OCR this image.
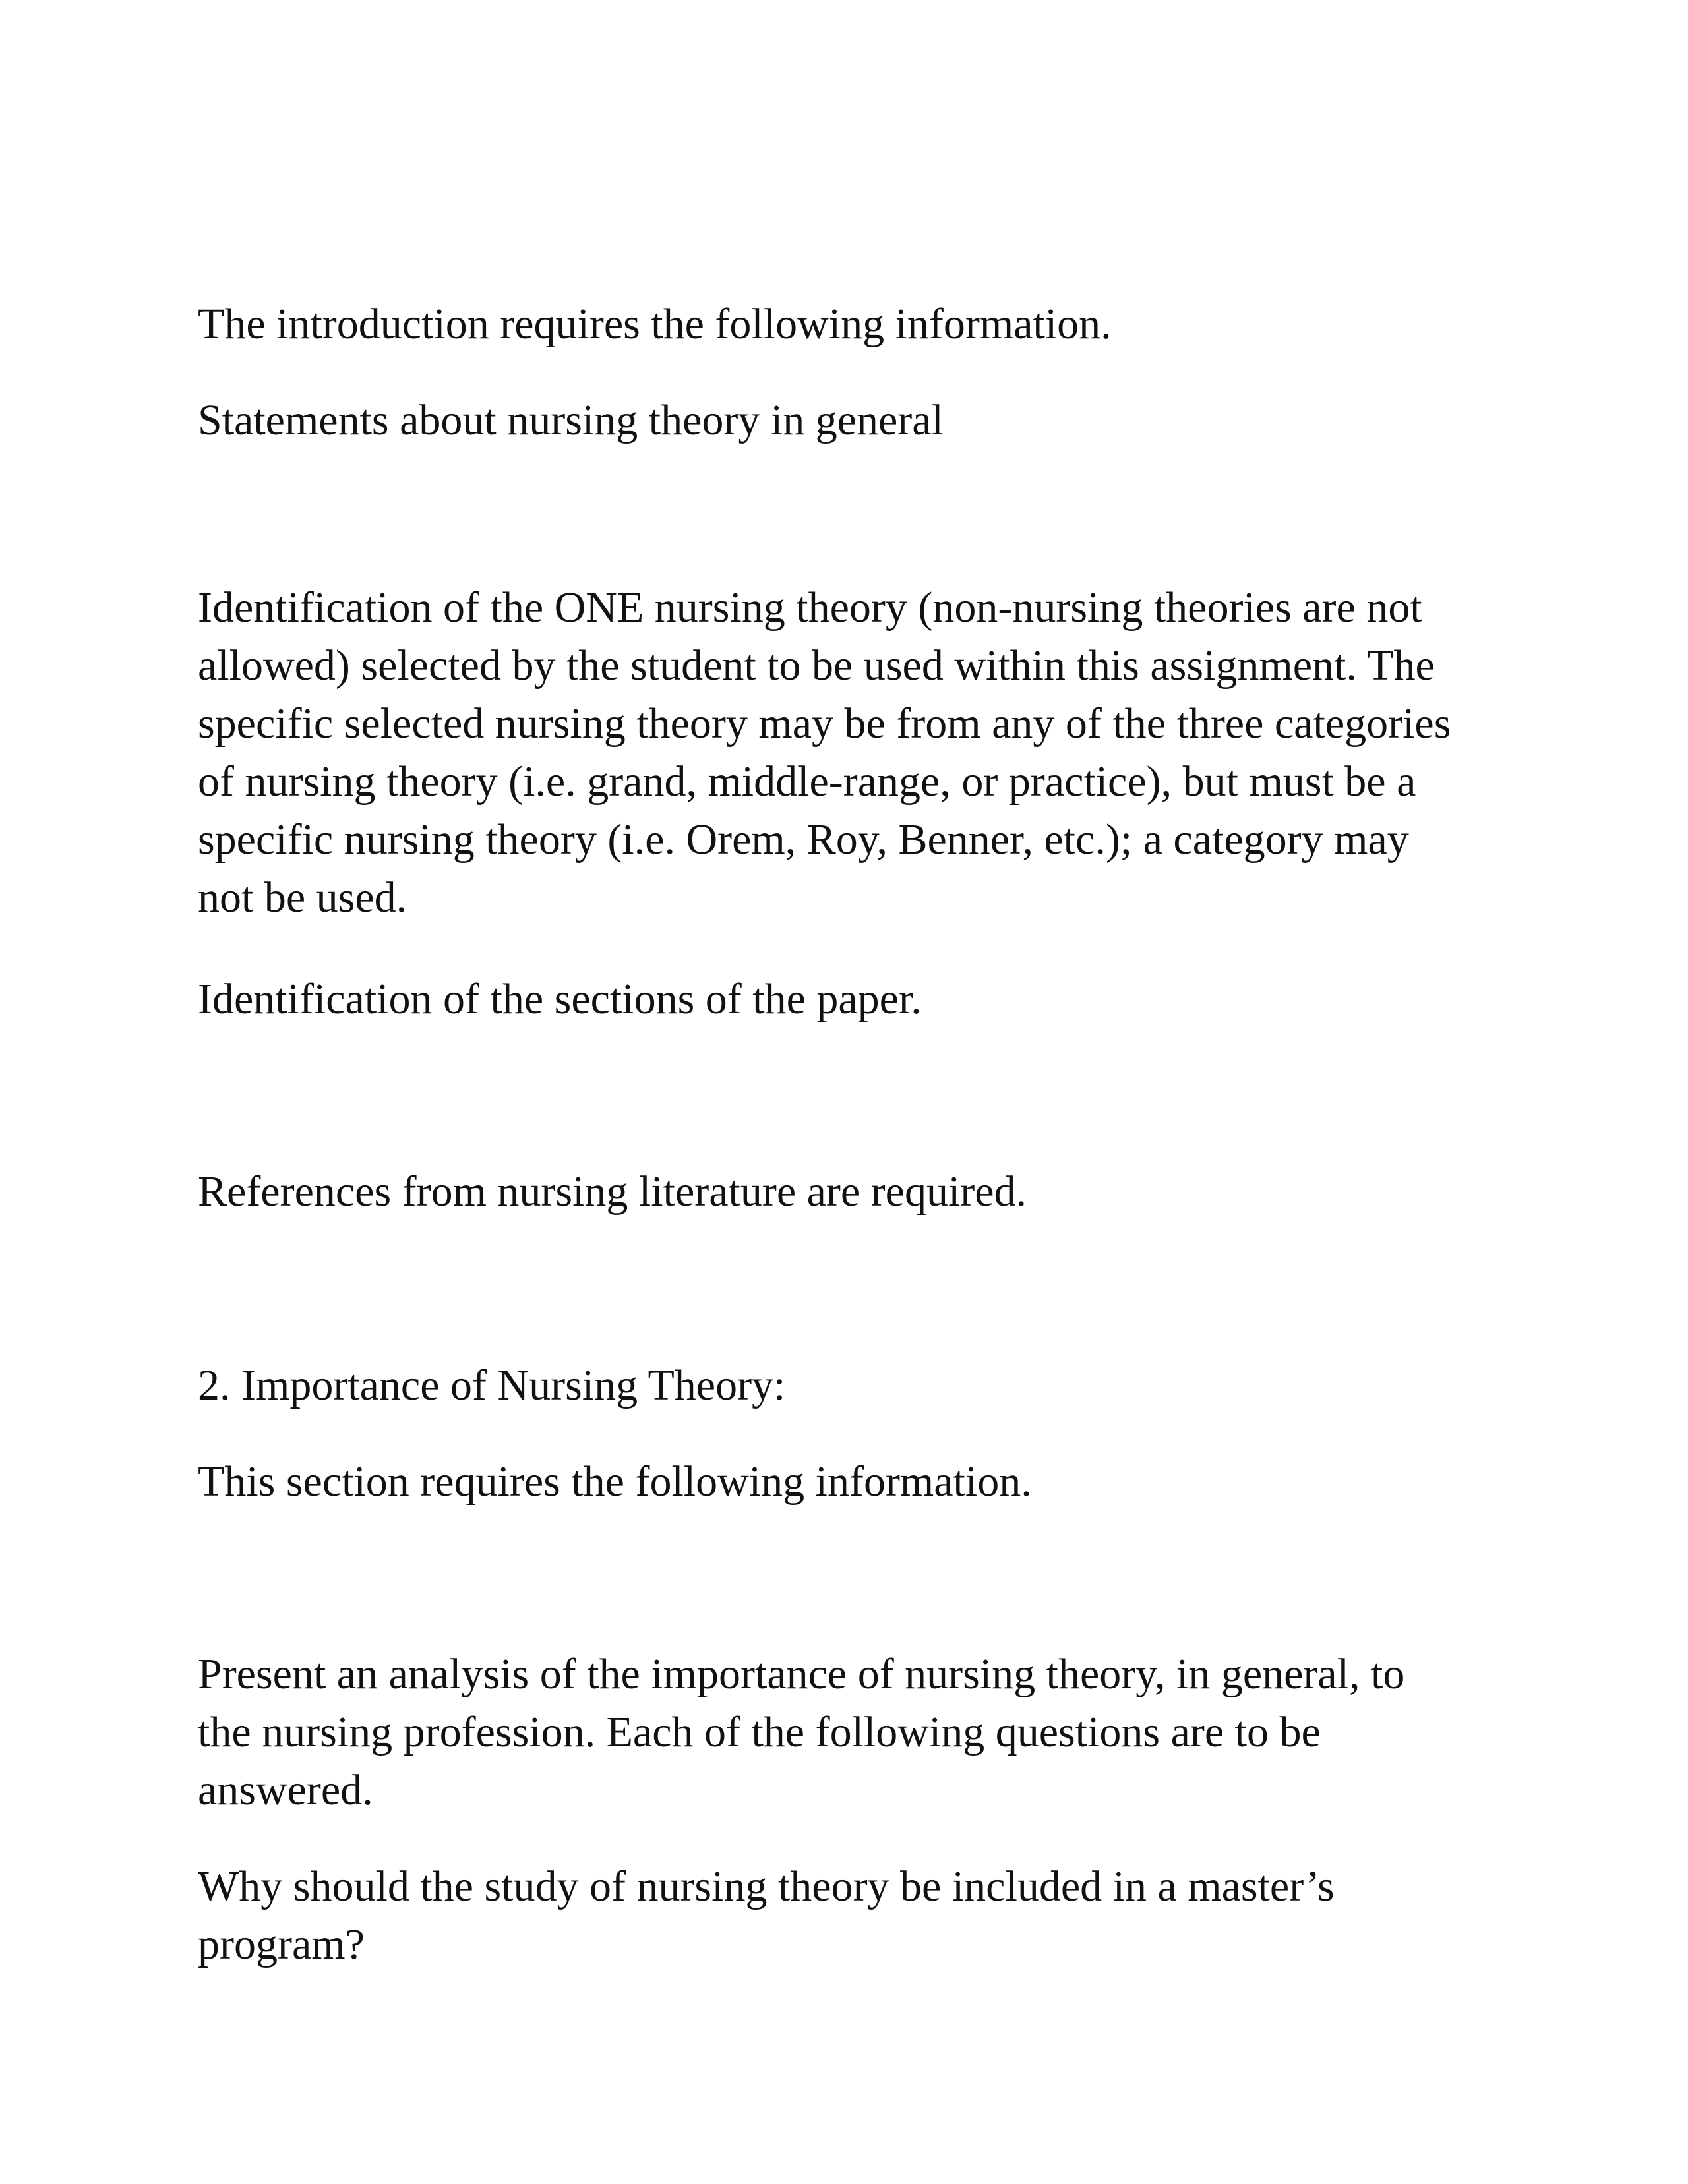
The introduction requires the following information.

Statements about nursing theory in general

Identification of the ONE nursing theory (non-nursing theories are not
allowed) selected by the student to be used within this assignment. The
specific selected nursing theory may be from any of the three categories
of nursing theory (i.e. grand, middle-range, or practice), but must be a
specific nursing theory (i.e. Orem, Roy, Benner, etc.); a category may
not be used.

Identification of the sections of the paper.

References from nursing literature are required.

2. Importance of Nursing Theory:

This section requires the following information.

Present an analysis of the importance of nursing theory, in general, to
the nursing profession. Each of the following questions are to be
answered.

Why should the study of nursing theory be included in a master’s
program?
